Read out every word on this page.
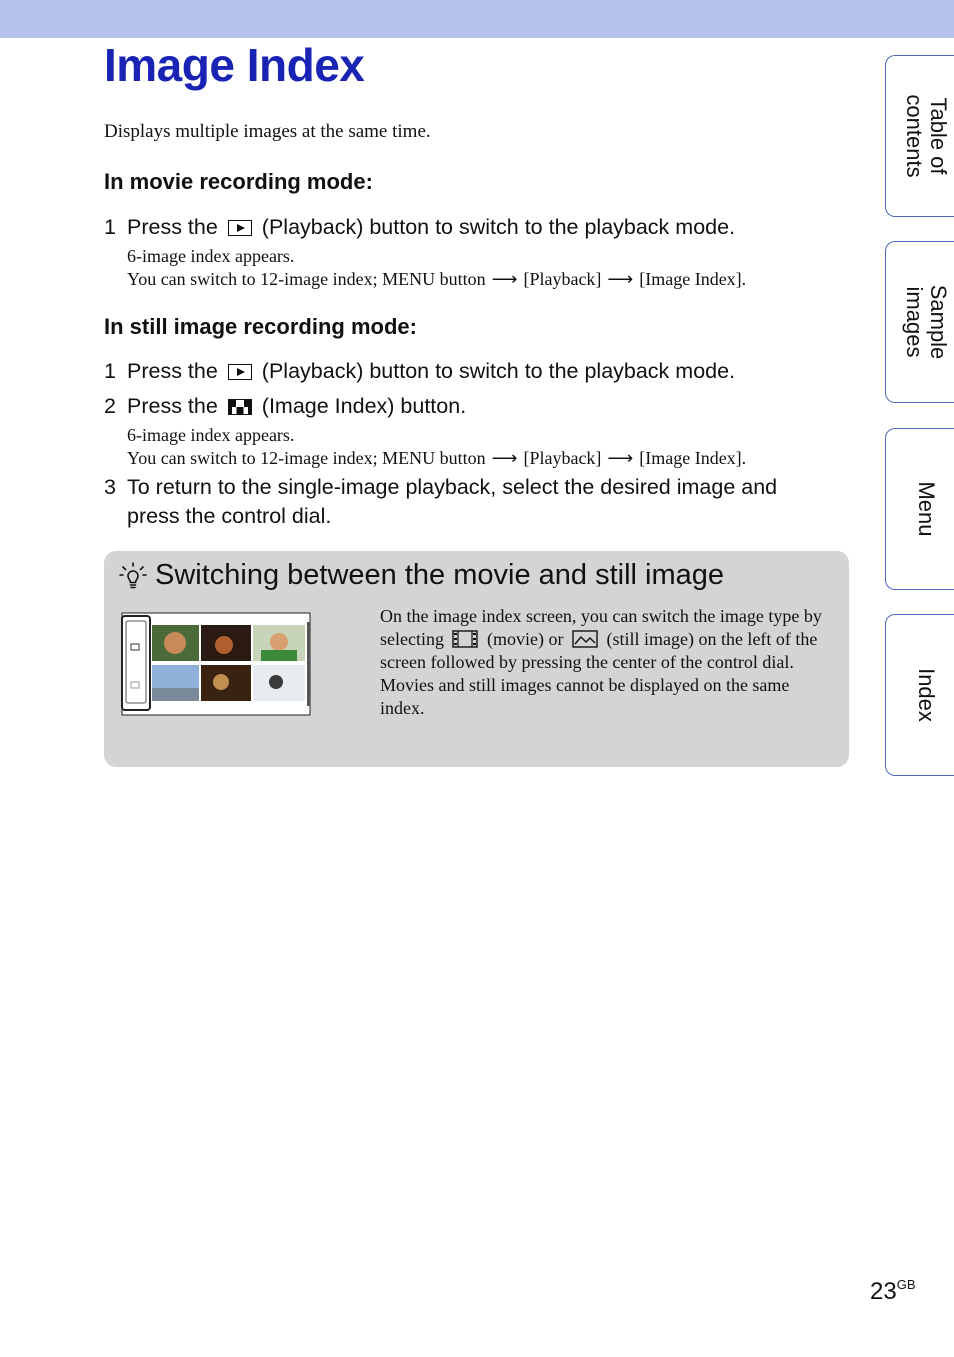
Image Index
Displays multiple images at the same time.
In movie recording mode:
1 Press the (Playback) button to switch to the playback mode.
6-image index appears.
You can switch to 12-image index; MENU button ⟶ [Playback] ⟶ [Image Index].
In still image recording mode:
1 Press the (Playback) button to switch to the playback mode.
2 Press the (Image Index) button.
6-image index appears.
You can switch to 12-image index; MENU button ⟶ [Playback] ⟶ [Image Index].
3 To return to the single-image playback, select the desired image and
press the control dial.
Switching between the movie and still image
On the image index screen, you can switch the image type by selecting (movie) or (still image) on the left of the screen followed by pressing the center of the control dial.
Movies and still images cannot be displayed on the same index.
Table of
contents
Sample
images
Menu
Index
$23^{GB}$
